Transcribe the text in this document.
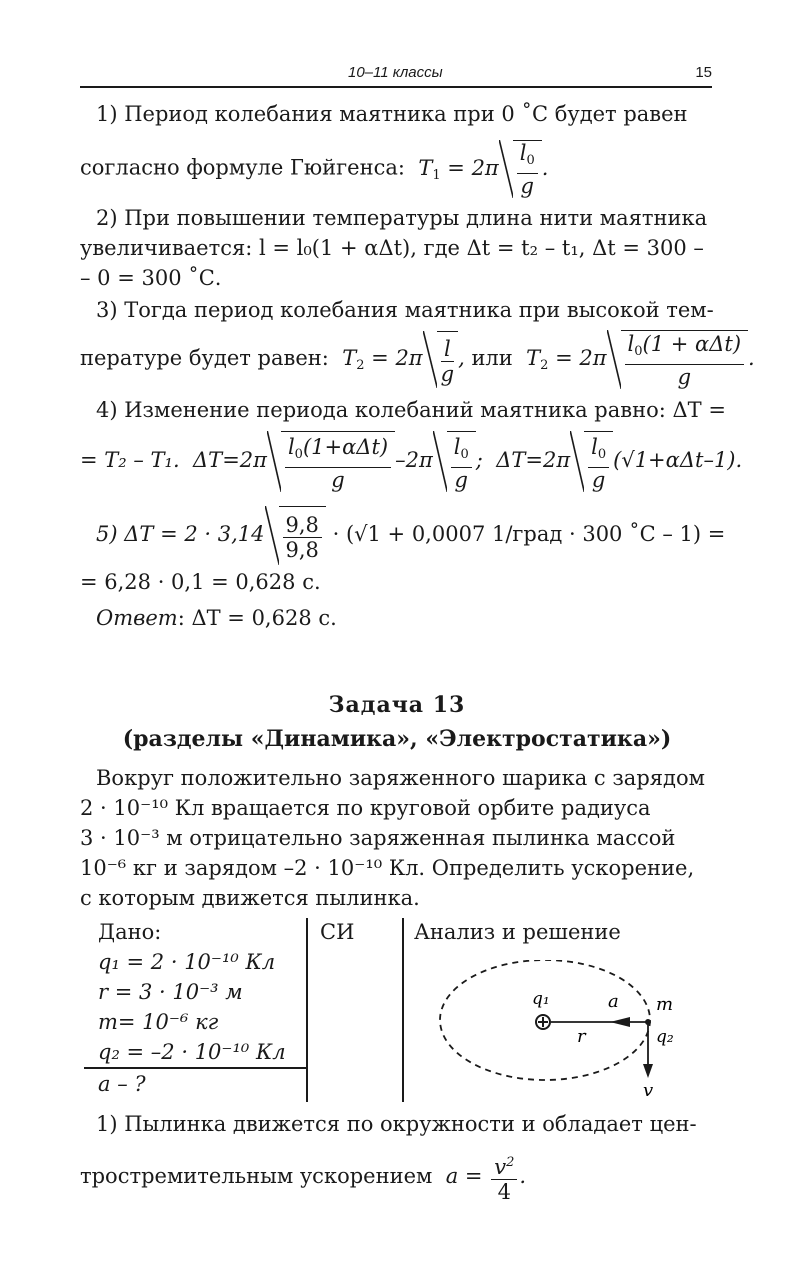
10–11 классы	15
1) Период колебания маятника при 0 ˚С будет равен
согласно формуле Гюйгенса:  $T_1 = 2\pi \frac{l_0}{g}$ .
2) При повышении температуры длина нити маятника
увеличивается: l = l₀(1 + αΔt), где Δt = t₂ – t₁, Δt = 300 –
– 0 = 300 ˚С.
3) Тогда период колебания маятника при высокой тем-
пературе будет равен:  $T_2 = 2\pi \frac{l}{g}$ , или  $T_2 = 2\pi \frac{l_0(1 + \alpha\Delta t)}{g}$ .
4) Изменение периода колебаний маятника равно: ΔT =
= T₂ – T₁.  $\Delta T=2\pi \frac{l_0(1+\alpha\Delta t)}{g} -2\pi \frac{l_0}{g}$ ;  $\Delta T=2\pi \frac{l_0}{g} (√1+\alpha\Delta t-1)$.
5) $\Delta T = 2 \cdot 3,14 \frac{9,8}{9,8} \cdot (√1 + 0,0007$ 1/град · 300 ˚С – 1) =
= 6,28 · 0,1 = 0,628 с.
Ответ: ΔT = 0,628 с.
Задача 13
(разделы «Динамика», «Электростатика»)
Вокруг положительно заряженного шарика с зарядом
2 · 10⁻¹⁰ Кл вращается по круговой орбите радиуса
3 · 10⁻³ м отрицательно заряженная пылинка массой
10⁻⁶ кг и зарядом –2 · 10⁻¹⁰ Кл. Определить ускорение,
с которым движется пылинка.
Дано:	СИ	Анализ и решение
q₁ = 2 · 10⁻¹⁰ Кл
r = 3 · 10⁻³ м
m= 10⁻⁶ кг
q₂ = –2 · 10⁻¹⁰ Кл
a – ?
q₁	a m
r	q₂
v
1) Пылинка движется по окружности и обладает цен-
тростремительным ускорением  $a = \frac{v^2}{4}$ .
